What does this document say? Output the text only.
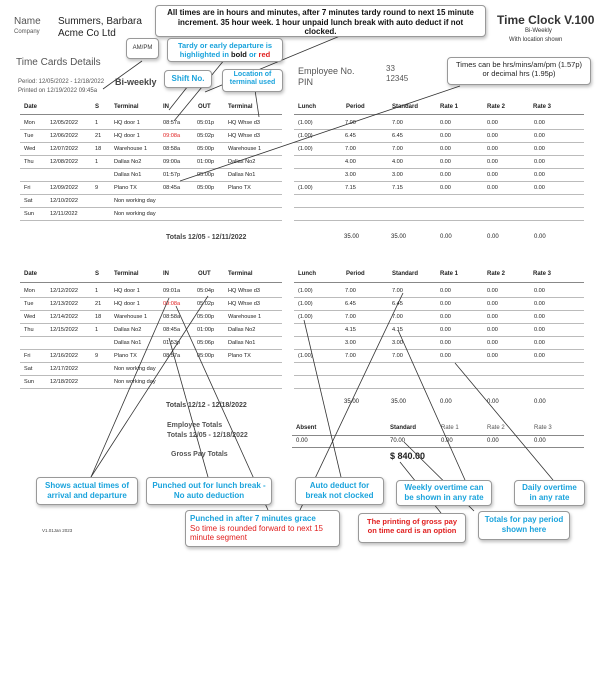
Name
Company
Summers, Barbara
Acme Co Ltd
Time Clock V.100
Bi-Weekly
With location shown
Time Cards Details
Period: 12/05/2022 - 12/18/2022
Printed on 12/19/2022 09:45a
Bi-weekly
Employee No.
PIN
33
12345
Date	S Terminal	IN	OUT	Terminal	Lunch	Period	Standard	Rate 1	Rate 2	Rate 3
Mon	12/05/2022	1	HQ door 1	08:57a	05:01p HQ Whse d3	(1.00)	7.00	7.00	0.00	0.00	0.00
Tue	12/06/2022	21 HQ door 1	09:08a	05:02p HQ Whse d3	(1.00)	6.45	6.45	0.00	0.00	0.00
Wed	12/07/2022	18 Warehouse 1	08:58a	05:00p Warehouse 1	(1.00)	7.00	7.00	0.00	0.00	0.00
Thu	12/08/2022	1	Dallas No2	09:00a	01:00p Dallas No2	4.00	4.00	0.00	0.00	0.00
Dallas No1	01:57p	05:00p Dallas No1	3.00	3.00	0.00	0.00	0.00
Fri	12/09/2022	9	Plano TX	08:45a	05:00p Plano TX	(1.00)	7.15	7.15	0.00	0.00	0.00
Sat	12/10/2022	Non working day
Sun	12/11/2022	Non working day
Totals 12/05 - 12/11/2022	35.00	35.00	0.00	0.00	0.00
Date	S Terminal	IN	OUT	Terminal	Lunch	Period	Standard	Rate 1	Rate 2	Rate 3
Mon	12/12/2022	1	HQ door 1	09:01a	05:04p HQ Whse d3	(1.00)	7.00	7.00	0.00	0.00	0.00
Tue	12/13/2022	21 HQ door 1	09:08a	05:02p HQ Whse d3	(1.00)	6.45	6.45	0.00	0.00	0.00
Wed	12/14/2022	18 Warehouse 1	08:58a	05:00p Warehouse 1	(1.00)	7.00	7.00	0.00	0.00	0.00
Thu	12/15/2022	1	Dallas No2	08:45a	01:00p Dallas No2	4.15	4.15	0.00	0.00	0.00
Dallas No1	01:53p	05:06p Dallas No1	3.00	3.00	0.00	0.00	0.00
Fri	12/16/2022	9	Plano TX	08:57a	05:00p Plano TX	(1.00)	7.00	7.00	0.00	0.00	0.00
Sat	12/17/2022	Non working day
Sun	12/18/2022	Non working day
Totals 12/12 - 12/18/2022	35.00	35.00	0.00	0.00	0.00
Employee Totals
Totals 12/05 - 12/18/2022
Gross Pay Totals
Absent	Standard	Rate 1	Rate 2	Rate 3
0.00	70.00	0.00	0.00	0.00
$ 840.00
V1.01Jan 2023
All times are in hours and minutes, after 7 minutes tardy round to next 15 minute increment. 35 hour week. 1 hour unpaid lunch break with auto deduct if not clocked.
AM/PM	Tardy or early departure is highlighted in bold or red
Shift No.	Location of terminal used
Times can be hrs/mins/am/pm (1.57p) or decimal hrs (1.95p)
Shows actual times of arrival and departure
Punched out for lunch break - No auto deduction
Punched in after 7 minutes grace
So time is rounded forward to next 15 minute segment
Auto deduct for break not clocked
Weekly overtime can be shown in any rate
Daily overtime in any rate
Totals for pay period shown here
The printing of gross pay on time card is an option
